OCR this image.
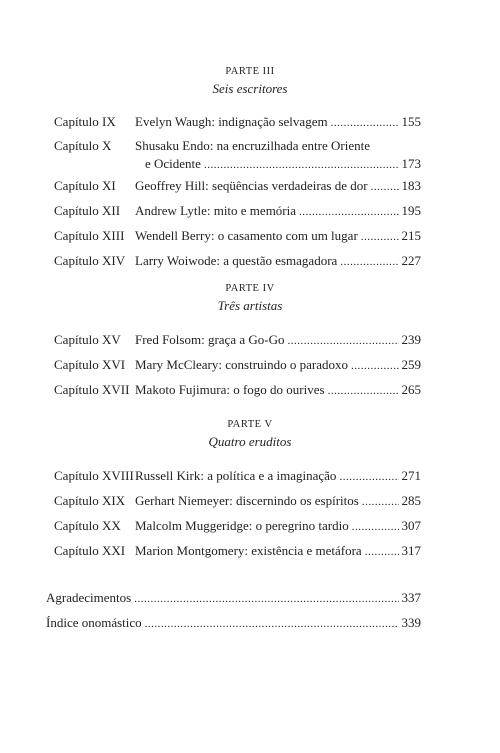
PARTE III
Seis escritores
Capítulo IX Evelyn Waugh: indignação selvagem .....	155
Capítulo X Shusaku Endo: na encruzilhada entre Oriente
e Ocidente .....	173
Capítulo XI Geoffrey Hill: seqüências verdadeiras de dor .....	183
Capítulo XII Andrew Lytle: mito e memória .....	195
Capítulo XIII Wendell Berry: o casamento com um lugar .....	215
Capítulo XIV Larry Woiwode: a questão esmagadora .....	227
PARTE IV
Três artistas
Capítulo XV Fred Folsom: graça a Go-Go .....	239
Capítulo XVI Mary McCleary: construindo o paradoxo .....	259
Capítulo XVII Makoto Fujimura: o fogo do ourives .....	265
PARTE V
Quatro eruditos
Capítulo XVIII Russell Kirk: a política e a imaginação .....	271
Capítulo XIX Gerhart Niemeyer: discernindo os espíritos .....	285
Capítulo XX Malcolm Muggeridge: o peregrino tardio .....	307
Capítulo XXI Marion Montgomery: existência e metáfora .....	317
Agradecimentos .....	337
Índice onomástico .....	339
